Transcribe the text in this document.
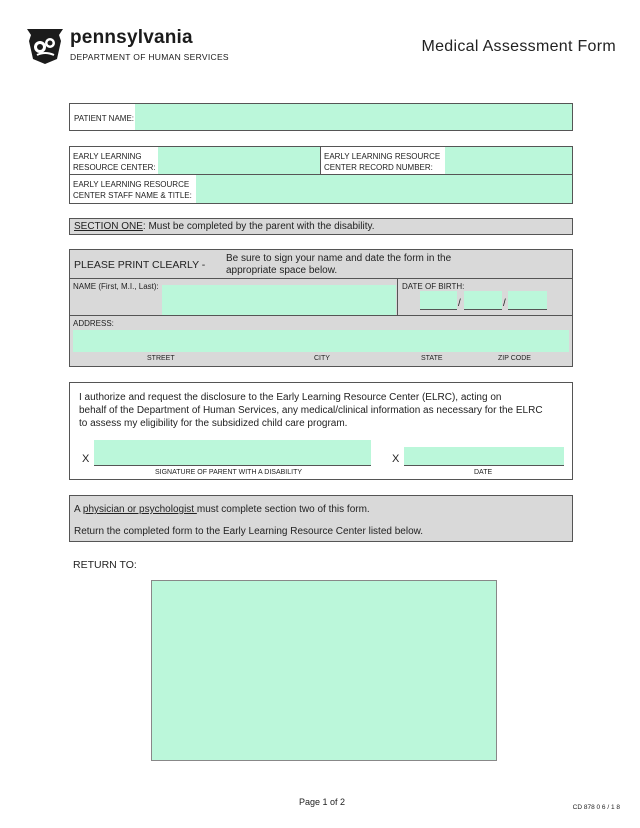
pennsylvania
DEPARTMENT OF HUMAN SERVICES
Medical Assessment Form
PATIENT NAME:
EARLY LEARNING
RESOURCE CENTER:
EARLY LEARNING RESOURCE
CENTER RECORD NUMBER:
EARLY LEARNING RESOURCE
CENTER STAFF NAME & TITLE:
SECTION ONE: Must be completed by the parent with the disability.
PLEASE PRINT CLEARLY -
Be sure to sign your name and date the form in the
appropriate space below.
NAME (First, M.I., Last):	DATE OF BIRTH:
/	/
ADDRESS:
STREET	CITY	STATE	ZIP CODE
I authorize and request the disclosure to the Early Learning Resource Center (ELRC), acting on
behalf of the Department of Human Services, any medical/clinical information as necessary for the ELRC
to assess my eligibility for the subsidized child care program.
X
SIGNATURE OF PARENT WITH A DISABILITY
X
DATE
A physician or psychologist must complete section two of this form.
Return the completed form to the Early Learning Resource Center listed below.
RETURN TO:
Page 1 of 2
CD 878 0 6 / 1 8
